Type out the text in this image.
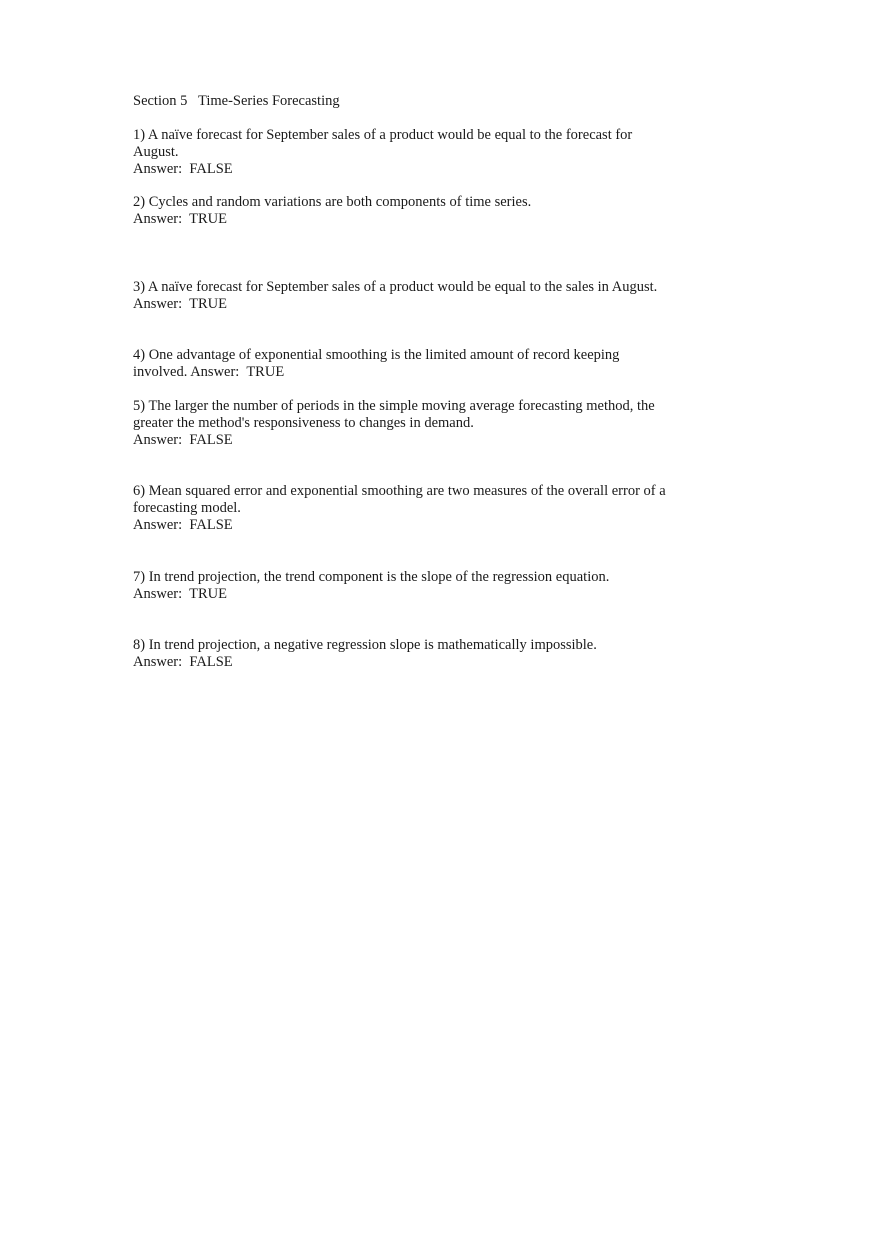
Section 5   Time-Series Forecasting
1) A naïve forecast for September sales of a product would be equal to the forecast for August.
Answer:  FALSE
2) Cycles and random variations are both components of time series.
Answer:  TRUE
3) A naïve forecast for September sales of a product would be equal to the sales in August.
Answer:  TRUE
4) One advantage of exponential smoothing is the limited amount of record keeping involved. Answer:  TRUE
5) The larger the number of periods in the simple moving average forecasting method, the greater the method's responsiveness to changes in demand.
Answer:  FALSE
6) Mean squared error and exponential smoothing are two measures of the overall error of a forecasting model.
Answer:  FALSE
7) In trend projection, the trend component is the slope of the regression equation.
Answer:  TRUE
8) In trend projection, a negative regression slope is mathematically impossible.
Answer:  FALSE
